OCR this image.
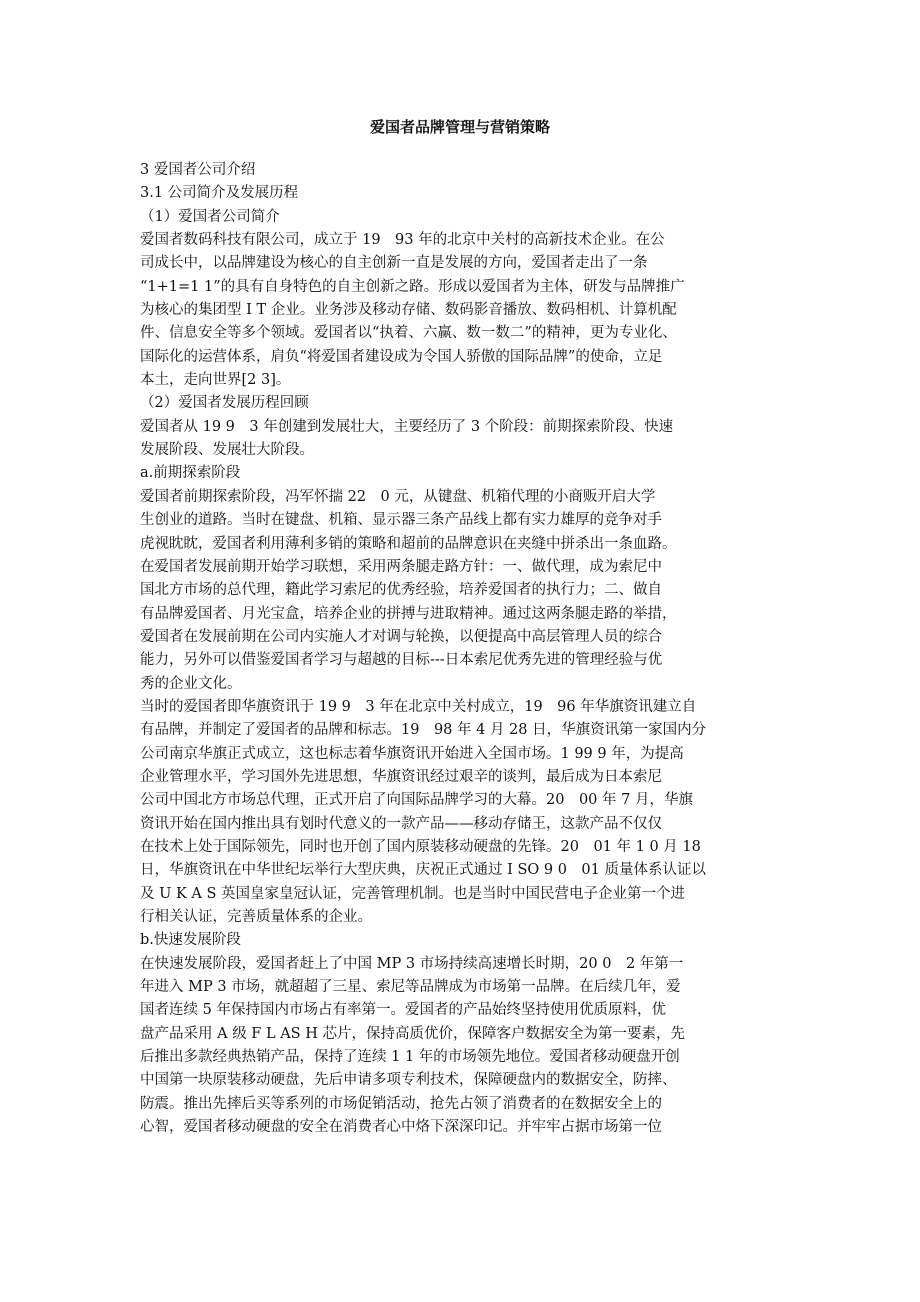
爱国者品牌管理与营销策略
3 爱国者公司介绍
3.1 公司简介及发展历程
（1）爱国者公司简介
爱国者数码科技有限公司，成立于 19　93 年的北京中关村的高新技术企业。在公
司成长中，以品牌建设为核心的自主创新一直是发展的方向，爱国者走出了一条
“1+1=1 1”的具有自身特色的自主创新之路。形成以爱国者为主体，研发与品牌推广
为核心的集团型 I T 企业。业务涉及移动存储、数码影音播放、数码相机、计算机配
件、信息安全等多个领域。爱国者以“执着、六赢、数一数二”的精神，更为专业化、
国际化的运营体系，肩负“将爱国者建设成为令国人骄傲的国际品牌”的使命，立足
本土，走向世界[2 3]。
（2）爱国者发展历程回顾
爱国者从 19 9　3 年创建到发展壮大，主要经历了 3 个阶段：前期探索阶段、快速
发展阶段、发展壮大阶段。
a.前期探索阶段
爱国者前期探索阶段，冯军怀揣 22　0 元，从键盘、机箱代理的小商贩开启大学
生创业的道路。当时在键盘、机箱、显示器三条产品线上都有实力雄厚的竞争对手
虎视眈眈，爱国者利用薄利多销的策略和超前的品牌意识在夹缝中拼杀出一条血路。
在爱国者发展前期开始学习联想，采用两条腿走路方针：一、做代理，成为索尼中
国北方市场的总代理，籍此学习索尼的优秀经验，培养爱国者的执行力；二、做自
有品牌爱国者、月光宝盒，培养企业的拼搏与进取精神。通过这两条腿走路的举措，
爱国者在发展前期在公司内实施人才对调与轮换，以便提高中高层管理人员的综合
能力，另外可以借鉴爱国者学习与超越的目标---日本索尼优秀先进的管理经验与优
秀的企业文化。
当时的爱国者即华旗资讯于 19 9　3 年在北京中关村成立，19　96 年华旗资讯建立自
有品牌，并制定了爱国者的品牌和标志。19　98 年 4 月 28 日，华旗资讯第一家国内分
公司南京华旗正式成立，这也标志着华旗资讯开始进入全国市场。1 99 9 年，为提高
企业管理水平，学习国外先进思想，华旗资讯经过艰辛的谈判，最后成为日本索尼
公司中国北方市场总代理，正式开启了向国际品牌学习的大幕。20　00 年 7 月，华旗
资讯开始在国内推出具有划时代意义的一款产品——移动存储王，这款产品不仅仅
在技术上处于国际领先，同时也开创了国内原装移动硬盘的先锋。20　01 年 1 0 月 18
日，华旗资讯在中华世纪坛举行大型庆典，庆祝正式通过 I SO 9 0　01 质量体系认证以
及 U K A S 英国皇家皇冠认证，完善管理机制。也是当时中国民营电子企业第一个进
行相关认证，完善质量体系的企业。
b.快速发展阶段
在快速发展阶段，爱国者赶上了中国 MP 3 市场持续高速增长时期，20 0　2 年第一
年进入 MP 3 市场，就超超了三星、索尼等品牌成为市场第一品牌。在后续几年，爱
国者连续 5 年保持国内市场占有率第一。爱国者的产品始终坚持使用优质原料，优
盘产品采用 A 级 F L AS H 芯片，保持高质优价，保障客户数据安全为第一要素，先
后推出多款经典热销产品，保持了连续 1 1 年的市场领先地位。爱国者移动硬盘开创
中国第一块原装移动硬盘，先后申请多项专利技术，保障硬盘内的数据安全，防摔、
防震。推出先摔后买等系列的市场促销活动，抢先占领了消费者的在数据安全上的
心智，爱国者移动硬盘的安全在消费者心中烙下深深印记。并牢牢占据市场第一位
